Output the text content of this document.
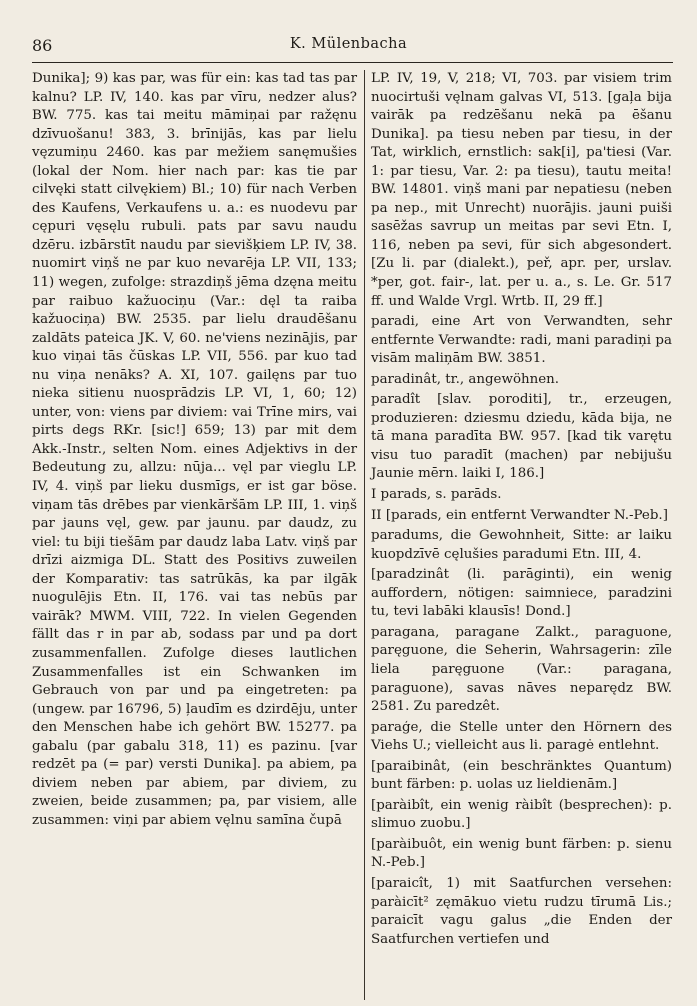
86	K. Mülenbacha

Dunika]; 9) kas par, was für ein: kas tad tas par kalnu? LP. IV, 140. kas par vīru, nedzer alus? BW. 775. kas tai meitu māmiņai par ražęnu dzīvuošanu! 383, 3. brīnijās, kas par lielu vęzumiņu 2460. kas par mežiem sanęmušies (lokal der Nom. hier nach par: kas tie par cilvęki statt cilvękiem) Bl.; 10) für nach Verben des Kaufens, Verkaufens u. a.: es nuodevu par cępuri vęsęlu rubuli. pats par savu naudu dzēru. izbārstīt naudu par sievišķiem LP. IV, 38. nuomirt viņš ne par kuo nevarēja LP. VII, 133; 11) wegen, zufolge: strazdiņš jēma dzęna meitu par raibuo kažuociņu (Var.: dęl ta raiba kažuociņa) BW. 2535. par lielu draudēšanu zaldāts pateica JK. V, 60. ne'viens nezinājis, par kuo viņai tās čūskas LP. VII, 556. par kuo tad nu viņa nenāks? A. XI, 107. gailęns par tuo nieka sitienu nuosprādzis LP. VI, 1, 60; 12) unter, von: viens par diviem: vai Trīne mirs, vai pirts degs RKr. [sic!] 659; 13) par mit dem Akk.-Instr., selten Nom. eines Adjektivs in der Bedeutung zu, allzu: nūja... vęl par vieglu LP. IV, 4. viņš par lieku dusmīgs, er ist gar böse. viņam tās drēbes par vienkāršām LP. III, 1. viņš par jauns vęl, gew. par jaunu. par daudz, zu viel: tu biji tiešām par daudz laba Latv. viņš par drīzi aizmiga DL. Statt des Positivs zuweilen der Komparativ: tas satrūkās, ka par ilgāk nuogulējis Etn. II, 176. vai tas nebūs par vairāk? MWM. VIII, 722. In vielen Gegenden fällt das r in par ab, sodass par und pa dort zusammenfallen. Zufolge dieses lautlichen Zusammenfalles ist ein Schwanken im Gebrauch von par und pa eingetreten: pa (ungew. par 16796, 5) ļaudīm es dzirdēju, unter den Menschen habe ich gehört BW. 15277. pa gabalu (par gabalu 318, 11) es pazinu. [var redzēt pa (= par) versti Dunika]. pa abiem, pa diviem neben par abiem, par diviem, zu zweien, beide zusammen; pa, par visiem, alle zusammen: viņi par abiem vęlnu samīna čupā

LP. IV, 19, V, 218; VI, 703. par visiem trim nuocirtuši vęlnam galvas VI, 513. [gaļa bija vairāk pa redzēšanu nekā pa ēšanu Dunika]. pa tiesu neben par tiesu, in der Tat, wirklich, ernstlich: sak[i], pa'tiesi (Var. 1: par tiesu, Var. 2: pa tiesu), tautu meita! BW. 14801. viņš mani par nepatiesu (neben pa nep., mit Unrecht) nuorājis. jauni puiši sasēžas savrup un meitas par sevi Etn. I, 116, neben pa sevi, für sich abgesondert. [Zu li. par (dialekt.), peř, apr. per, urslav. *per, got. fair-, lat. per u. a., s. Le. Gr. 517 ff. und Walde Vrgl. Wrtb. II, 29 ff.]

paradi, eine Art von Verwandten, sehr entfernte Verwandte: radi, mani paradiņi pa visām maliņām BW. 3851.

paradinât, tr., angewöhnen.

paradît [slav. poroditi], tr., erzeugen, produzieren: dziesmu dziedu, kāda bija, ne tā mana paradīta BW. 957. [kad tik varętu visu tuo paradīt (machen) par nebijušu Jaunie mērn. laiki I, 186.]

I parads, s. parāds.

II [parads, ein entfernt Verwandter N.-Peb.]

paradums, die Gewohnheit, Sitte: ar laiku kuopdzīvē cęlušies paradumi Etn. III, 4.

[paradzinât (li. parāginti), ein wenig auffordern, nötigen: saimniece, paradzini tu, tevi labāki klausīs! Dond.]

paragana, paragane Zalkt., paraguone, paręguone, die Seherin, Wahrsagerin: zīle liela paręguone (Var.: paragana, paraguone), savas nāves neparędz BW. 2581. Zu paredzêt.

paraģe, die Stelle unter den Hörnern des Viehs U.; vielleicht aus li. paragė entlehnt.

[paraibinât, (ein beschränktes Quantum) bunt färben: p. uolas uz lieldienām.]

[paràibît, ein wenig ràibît (besprechen): p. slimuo zuobu.]

[paràibuôt, ein wenig bunt färben: p. sienu N.-Peb.]

[paraicît, 1) mit Saatfurchen versehen: paràicīt² zęmākuo vietu rudzu tīrumā Lis.; paraicīt vagu galus „die Enden der Saatfurchen vertiefen und
